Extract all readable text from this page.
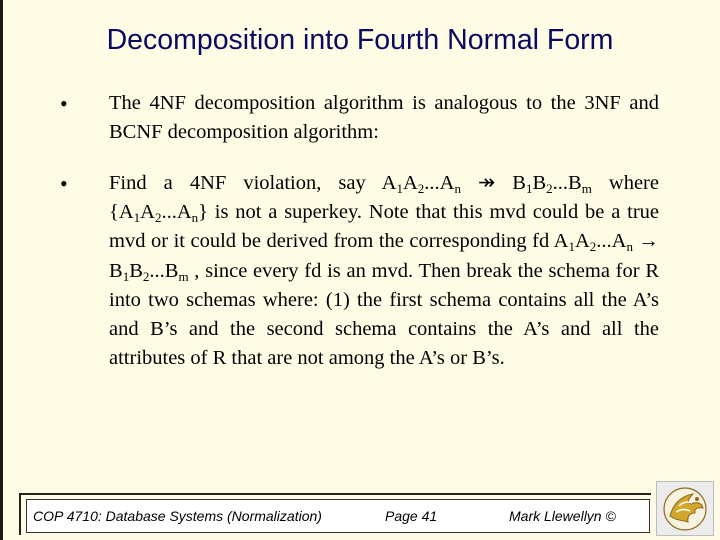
Decomposition into Fourth Normal Form
• The 4NF decomposition algorithm is analogous to the 3NF and BCNF decomposition algorithm:
• Find a 4NF violation, say $A_1A_2...A_n$ ↠ $B_1B_2...B_m$ where $\{A_1A_2...A_n\}$ is not a superkey. Note that this mvd could be a true mvd or it could be derived from the corresponding fd $A_1A_2...A_n \to B_1B_2...B_m$ , since every fd is an mvd. Then break the schema for R into two schemas where: (1) the first schema contains all the A’s and B’s and the second schema contains the A’s and all the attributes of R that are not among the A’s or B’s.
COP 4710: Database Systems (Normalization)	Page 41	Mark Llewellyn ©
